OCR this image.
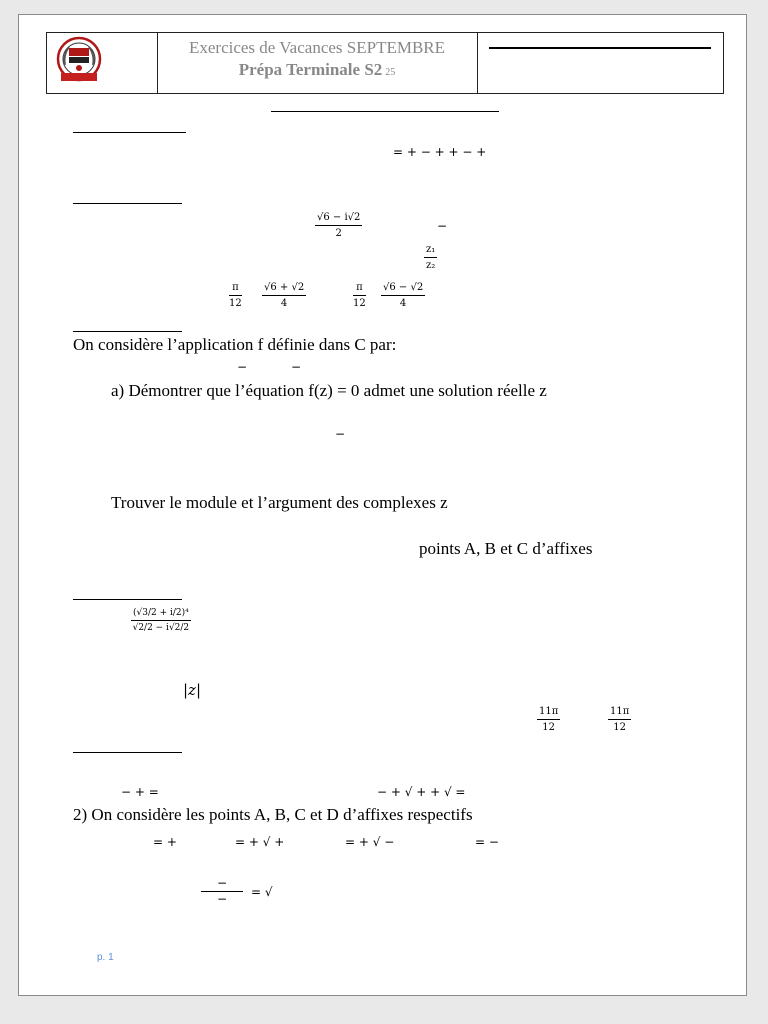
Exercices de Vacances SEPTEMBRE
Prépa Terminale S2 25
= + − + + − +
√6 − i√2
2
−
z₁
z₂
π
12
√6 + √2
4
π
12
√6 − √2
4
On considère l’application f définie dans C par:
−	−
a) Démontrer que l’équation f(z) = 0 admet une solution réelle z
−
Trouver le module et l’argument des complexes z
points A, B et C d’affixes
(√3/2 + i/2)⁴
√2/2 − i√2/2
|z|
11π
12
11π
12
− + =	− + √ + + √ =
2) On considère les points A, B, C et D d’affixes respectifs
= +	= + √ +	= + √ −	= −
−
−	= √
p. 1
